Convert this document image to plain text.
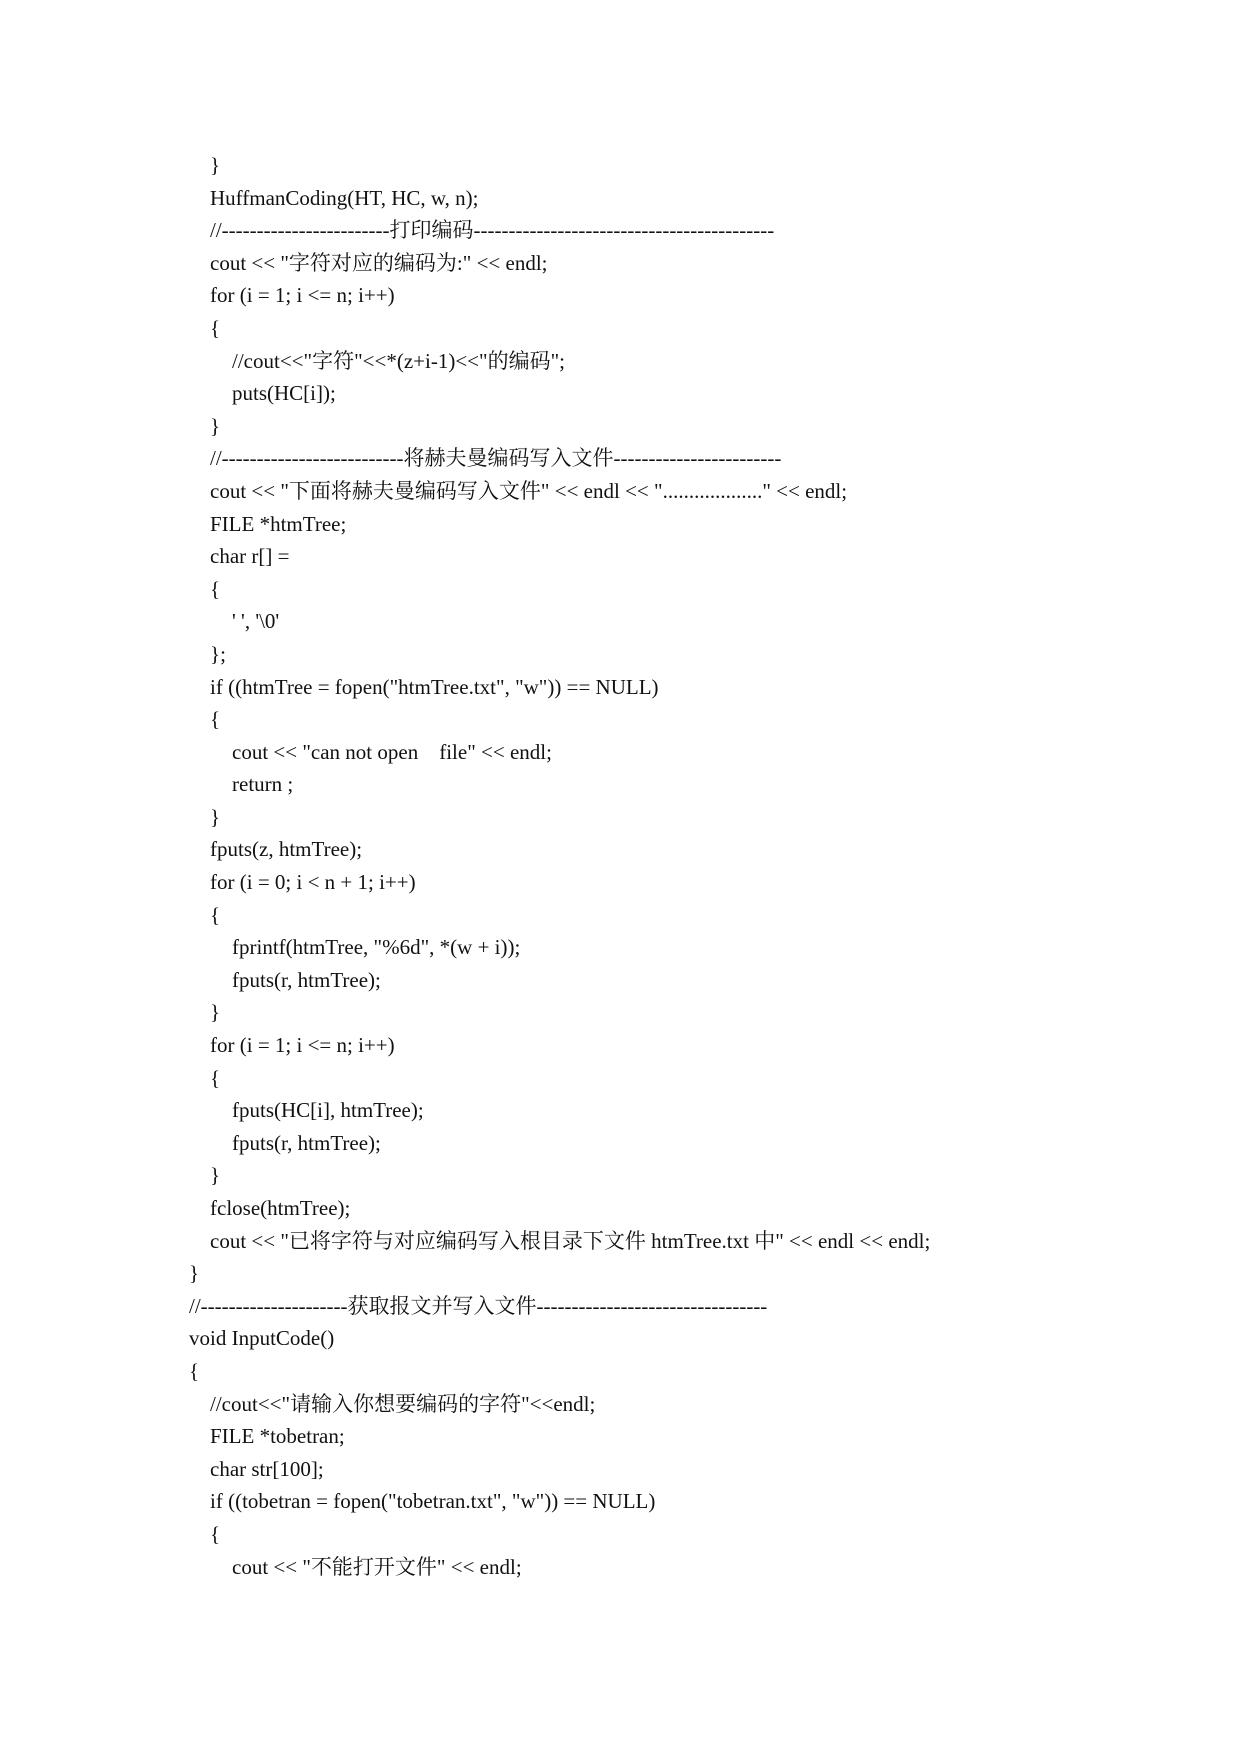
}
HuffmanCoding(HT, HC, w, n);
//------------------------打印编码-------------------------------------------
cout << "字符对应的编码为:" << endl;
for (i = 1; i <= n; i++)
{
//cout<<"字符"<<*(z+i-1)<<"的编码";
puts(HC[i]);
}
//--------------------------将赫夫曼编码写入文件------------------------
cout << "下面将赫夫曼编码写入文件" << endl << "..................." << endl;
FILE *htmTree;
char r[] =
{
' ', '\0'
};
if ((htmTree = fopen("htmTree.txt", "w")) == NULL)
{
cout << "can not open    file" << endl;
return ;
}
fputs(z, htmTree);
for (i = 0; i < n + 1; i++)
{
fprintf(htmTree, "%6d", *(w + i));
fputs(r, htmTree);
}
for (i = 1; i <= n; i++)
{
fputs(HC[i], htmTree);
fputs(r, htmTree);
}
fclose(htmTree);
cout << "已将字符与对应编码写入根目录下文件 htmTree.txt 中" << endl << endl;
}
//---------------------获取报文并写入文件---------------------------------
void InputCode()
{
//cout<<"请输入你想要编码的字符"<<endl;
FILE *tobetran;
char str[100];
if ((tobetran = fopen("tobetran.txt", "w")) == NULL)
{
cout << "不能打开文件" << endl;
